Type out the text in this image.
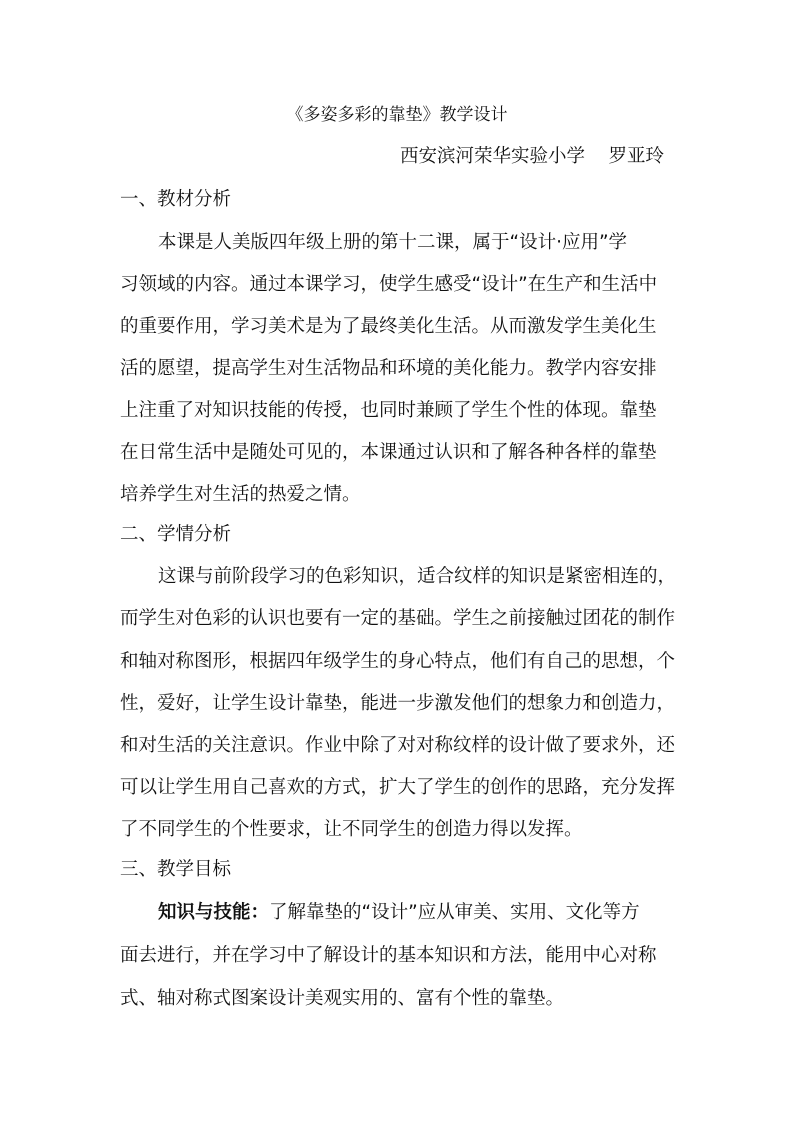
《多姿多彩的靠垫》教学设计
西安滨河荣华实验小学    罗亚玲
一、教材分析
本课是人美版四年级上册的第十二课，属于“设计·应用”学
习领域的内容。通过本课学习，使学生感受“设计”在生产和生活中
的重要作用，学习美术是为了最终美化生活。从而激发学生美化生
活的愿望，提高学生对生活物品和环境的美化能力。教学内容安排
上注重了对知识技能的传授，也同时兼顾了学生个性的体现。靠垫
在日常生活中是随处可见的，本课通过认识和了解各种各样的靠垫
培养学生对生活的热爱之情。
二、学情分析
这课与前阶段学习的色彩知识，适合纹样的知识是紧密相连的，
而学生对色彩的认识也要有一定的基础。学生之前接触过团花的制作
和轴对称图形，根据四年级学生的身心特点，他们有自己的思想，个
性，爱好，让学生设计靠垫，能进一步激发他们的想象力和创造力，
和对生活的关注意识。作业中除了对对称纹样的设计做了要求外，还
可以让学生用自己喜欢的方式，扩大了学生的创作的思路，充分发挥
了不同学生的个性要求，让不同学生的创造力得以发挥。
三、教学目标
知识与技能：了解靠垫的“设计”应从审美、实用、文化等方
面去进行，并在学习中了解设计的基本知识和方法，能用中心对称
式、轴对称式图案设计美观实用的、富有个性的靠垫。
